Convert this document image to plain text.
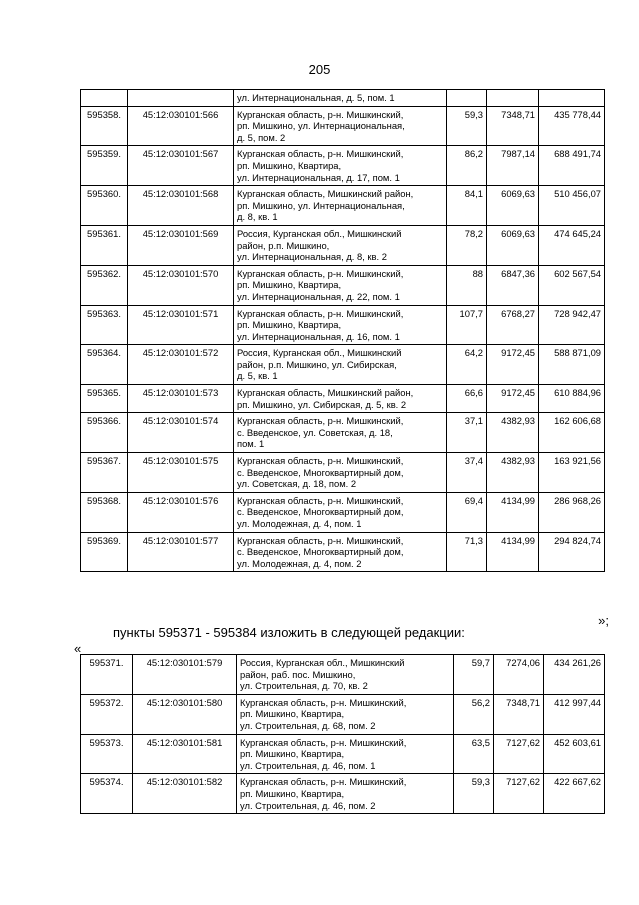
205

		ул. Интернациональная, д. 5, пом. 1			

595358.	45:12:030101:566	Курганская область, р-н. Мишкинский,
рп. Мишкино, ул. Интернациональная,
д. 5, пом. 2	59,3	7348,71	435 778,44
595359.	45:12:030101:567	Курганская область, р-н. Мишкинский,
рп. Мишкино, Квартира,
ул. Интернациональная, д. 17, пом. 1	86,2	7987,14	688 491,74
595360.	45:12:030101:568	Курганская область, Мишкинский район,
рп. Мишкино, ул. Интернациональная,
д. 8, кв. 1	84,1	6069,63	510 456,07
595361.	45:12:030101:569	Россия, Курганская обл., Мишкинский
район, р.п. Мишкино,
ул. Интернациональная, д. 8, кв. 2	78,2	6069,63	474 645,24
595362.	45:12:030101:570	Курганская область, р-н. Мишкинский,
рп. Мишкино, Квартира,
ул. Интернациональная, д. 22, пом. 1	88	6847,36	602 567,54
595363.	45:12:030101:571	Курганская область, р-н. Мишкинский,
рп. Мишкино, Квартира,
ул. Интернациональная, д. 16, пом. 1	107,7	6768,27	728 942,47
595364.	45:12:030101:572	Россия, Курганская обл., Мишкинский
район, р.п. Мишкино, ул. Сибирская,
д. 5, кв. 1	64,2	9172,45	588 871,09
595365.	45:12:030101:573	Курганская область, Мишкинский район,
рп. Мишкино, ул. Сибирская, д. 5, кв. 2	66,6	9172,45	610 884,96
595366.	45:12:030101:574	Курганская область, р-н. Мишкинский,
с. Введенское, ул. Советская, д. 18,
пом. 1	37,1	4382,93	162 606,68
595367.	45:12:030101:575	Курганская область, р-н. Мишкинский,
с. Введенское, Многоквартирный дом,
ул. Советская, д. 18, пом. 2	37,4	4382,93	163 921,56
595368.	45:12:030101:576	Курганская область, р-н. Мишкинский,
с. Введенское, Многоквартирный дом,
ул. Молодежная, д. 4, пом. 1	69,4	4134,99	286 968,26
595369.	45:12:030101:577	Курганская область, р-н. Мишкинский,
с. Введенское, Многоквартирный дом,
ул. Молодежная, д. 4, пом. 2	71,3	4134,99	294 824,74
»;
пункты 595371 - 595384 изложить в следующей редакции:
«
595371.	45:12:030101:579	Россия, Курганская обл., Мишкинский
район, раб. пос. Мишкино,
ул. Строительная, д. 70, кв. 2	59,7	7274,06	434 261,26
595372.	45:12:030101:580	Курганская область, р-н. Мишкинский,
рп. Мишкино, Квартира,
ул. Строительная, д. 68, пом. 2	56,2	7348,71	412 997,44
595373.	45:12:030101:581	Курганская область, р-н. Мишкинский,
рп. Мишкино, Квартира,
ул. Строительная, д. 46, пом. 1	63,5	7127,62	452 603,61
595374.	45:12:030101:582	Курганская область, р-н. Мишкинский,
рп. Мишкино, Квартира,
ул. Строительная, д. 46, пом. 2	59,3	7127,62	422 667,62
